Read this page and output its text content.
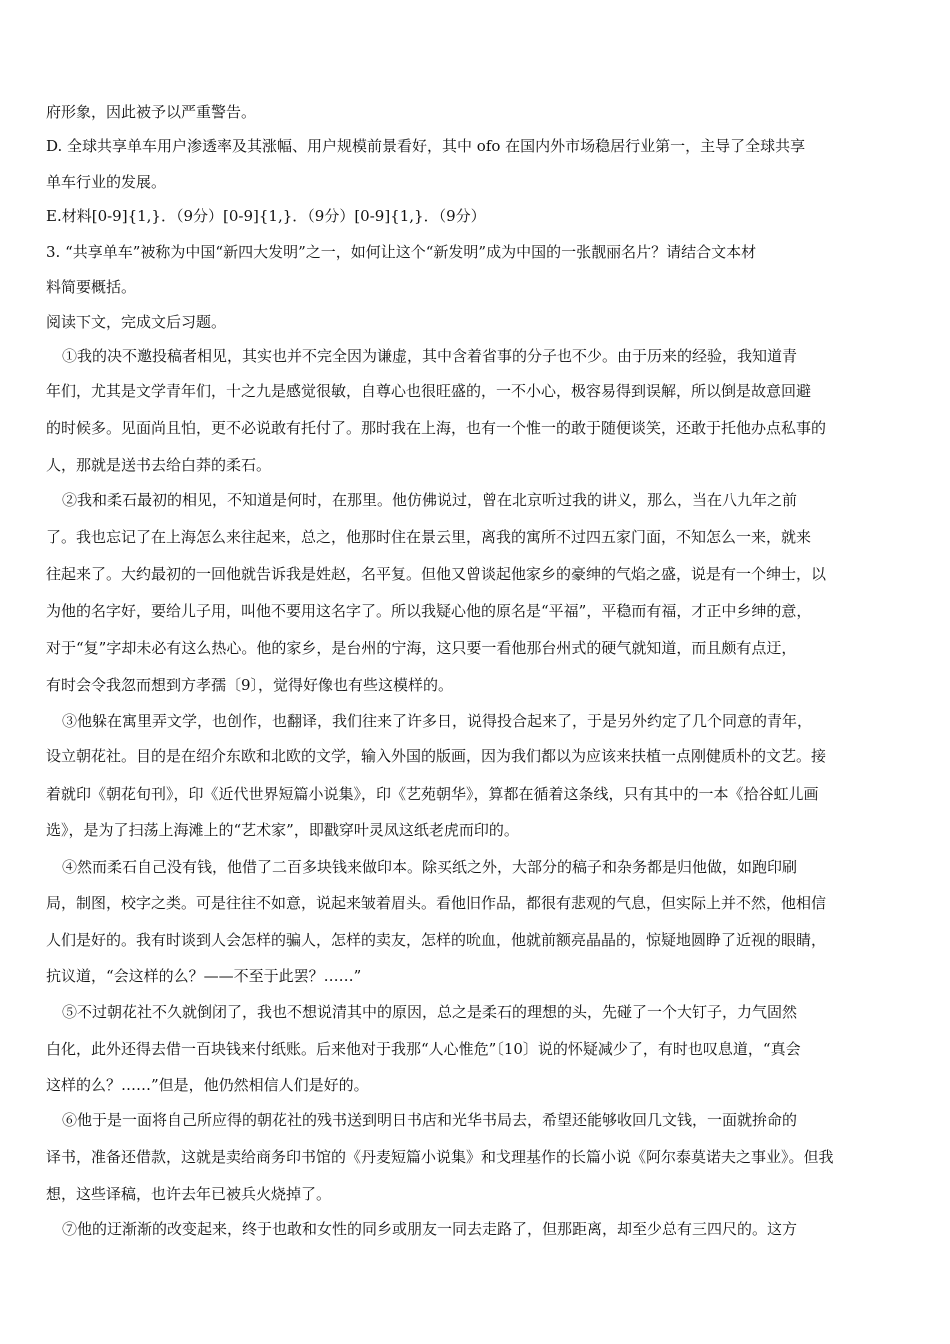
府形象，因此被予以严重警告。
D. 全球共享单车用户渗透率及其涨幅、用户规模前景看好，其中 ofo 在国内外市场稳居行业第一，主导了全球共享
单车行业的发展。
E.材料[0-9]{1,}．（9分）[0-9]{1,}．（9分）[0-9]{1,}．（9分）
3. “共享单车”被称为中国“新四大发明”之一，如何让这个“新发明”成为中国的一张靓丽名片？请结合文本材
料简要概括。
阅读下文，完成文后习题。
①我的决不邀投稿者相见，其实也并不完全因为谦虚，其中含着省事的分子也不少。由于历来的经验，我知道青
年们，尤其是文学青年们，十之九是感觉很敏，自尊心也很旺盛的，一不小心，极容易得到误解，所以倒是故意回避
的时候多。见面尚且怕，更不必说敢有托付了。那时我在上海，也有一个惟一的敢于随便谈笑，还敢于托他办点私事的
人，那就是送书去给白莽的柔石。
②我和柔石最初的相见，不知道是何时，在那里。他仿佛说过，曾在北京听过我的讲义，那么，当在八九年之前
了。我也忘记了在上海怎么来往起来，总之，他那时住在景云里，离我的寓所不过四五家门面，不知怎么一来，就来
往起来了。大约最初的一回他就告诉我是姓赵，名平复。但他又曾谈起他家乡的豪绅的气焰之盛，说是有一个绅士，以
为他的名字好，要给儿子用，叫他不要用这名字了。所以我疑心他的原名是“平福”，平稳而有福，才正中乡绅的意，
对于“复”字却未必有这么热心。他的家乡，是台州的宁海，这只要一看他那台州式的硬气就知道，而且颇有点迂，
有时会令我忽而想到方孝孺〔9〕，觉得好像也有些这模样的。
③他躲在寓里弄文学，也创作，也翻译，我们往来了许多日，说得投合起来了，于是另外约定了几个同意的青年，
设立朝花社。目的是在绍介东欧和北欧的文学，输入外国的版画，因为我们都以为应该来扶植一点刚健质朴的文艺。接
着就印《朝花旬刊》，印《近代世界短篇小说集》，印《艺苑朝华》，算都在循着这条线，只有其中的一本《拾谷虹儿画
选》，是为了扫荡上海滩上的“艺术家”，即戳穿叶灵凤这纸老虎而印的。
④然而柔石自己没有钱，他借了二百多块钱来做印本。除买纸之外，大部分的稿子和杂务都是归他做，如跑印刷
局，制图，校字之类。可是往往不如意，说起来皱着眉头。看他旧作品，都很有悲观的气息，但实际上并不然，他相信
人们是好的。我有时谈到人会怎样的骗人，怎样的卖友，怎样的吮血，他就前额亮晶晶的，惊疑地圆睁了近视的眼睛，
抗议道，“会这样的么？——不至于此罢？……”
⑤不过朝花社不久就倒闭了，我也不想说清其中的原因，总之是柔石的理想的头，先碰了一个大钉子，力气固然
白化，此外还得去借一百块钱来付纸账。后来他对于我那“人心惟危”〔10〕说的怀疑减少了，有时也叹息道，“真会
这样的么？……”但是，他仍然相信人们是好的。
⑥他于是一面将自己所应得的朝花社的残书送到明日书店和光华书局去，希望还能够收回几文钱，一面就拚命的
译书，准备还借款，这就是卖给商务印书馆的《丹麦短篇小说集》和戈理基作的长篇小说《阿尔泰莫诺夫之事业》。但我
想，这些译稿，也许去年已被兵火烧掉了。
⑦他的迂渐渐的改变起来，终于也敢和女性的同乡或朋友一同去走路了，但那距离，却至少总有三四尺的。这方
